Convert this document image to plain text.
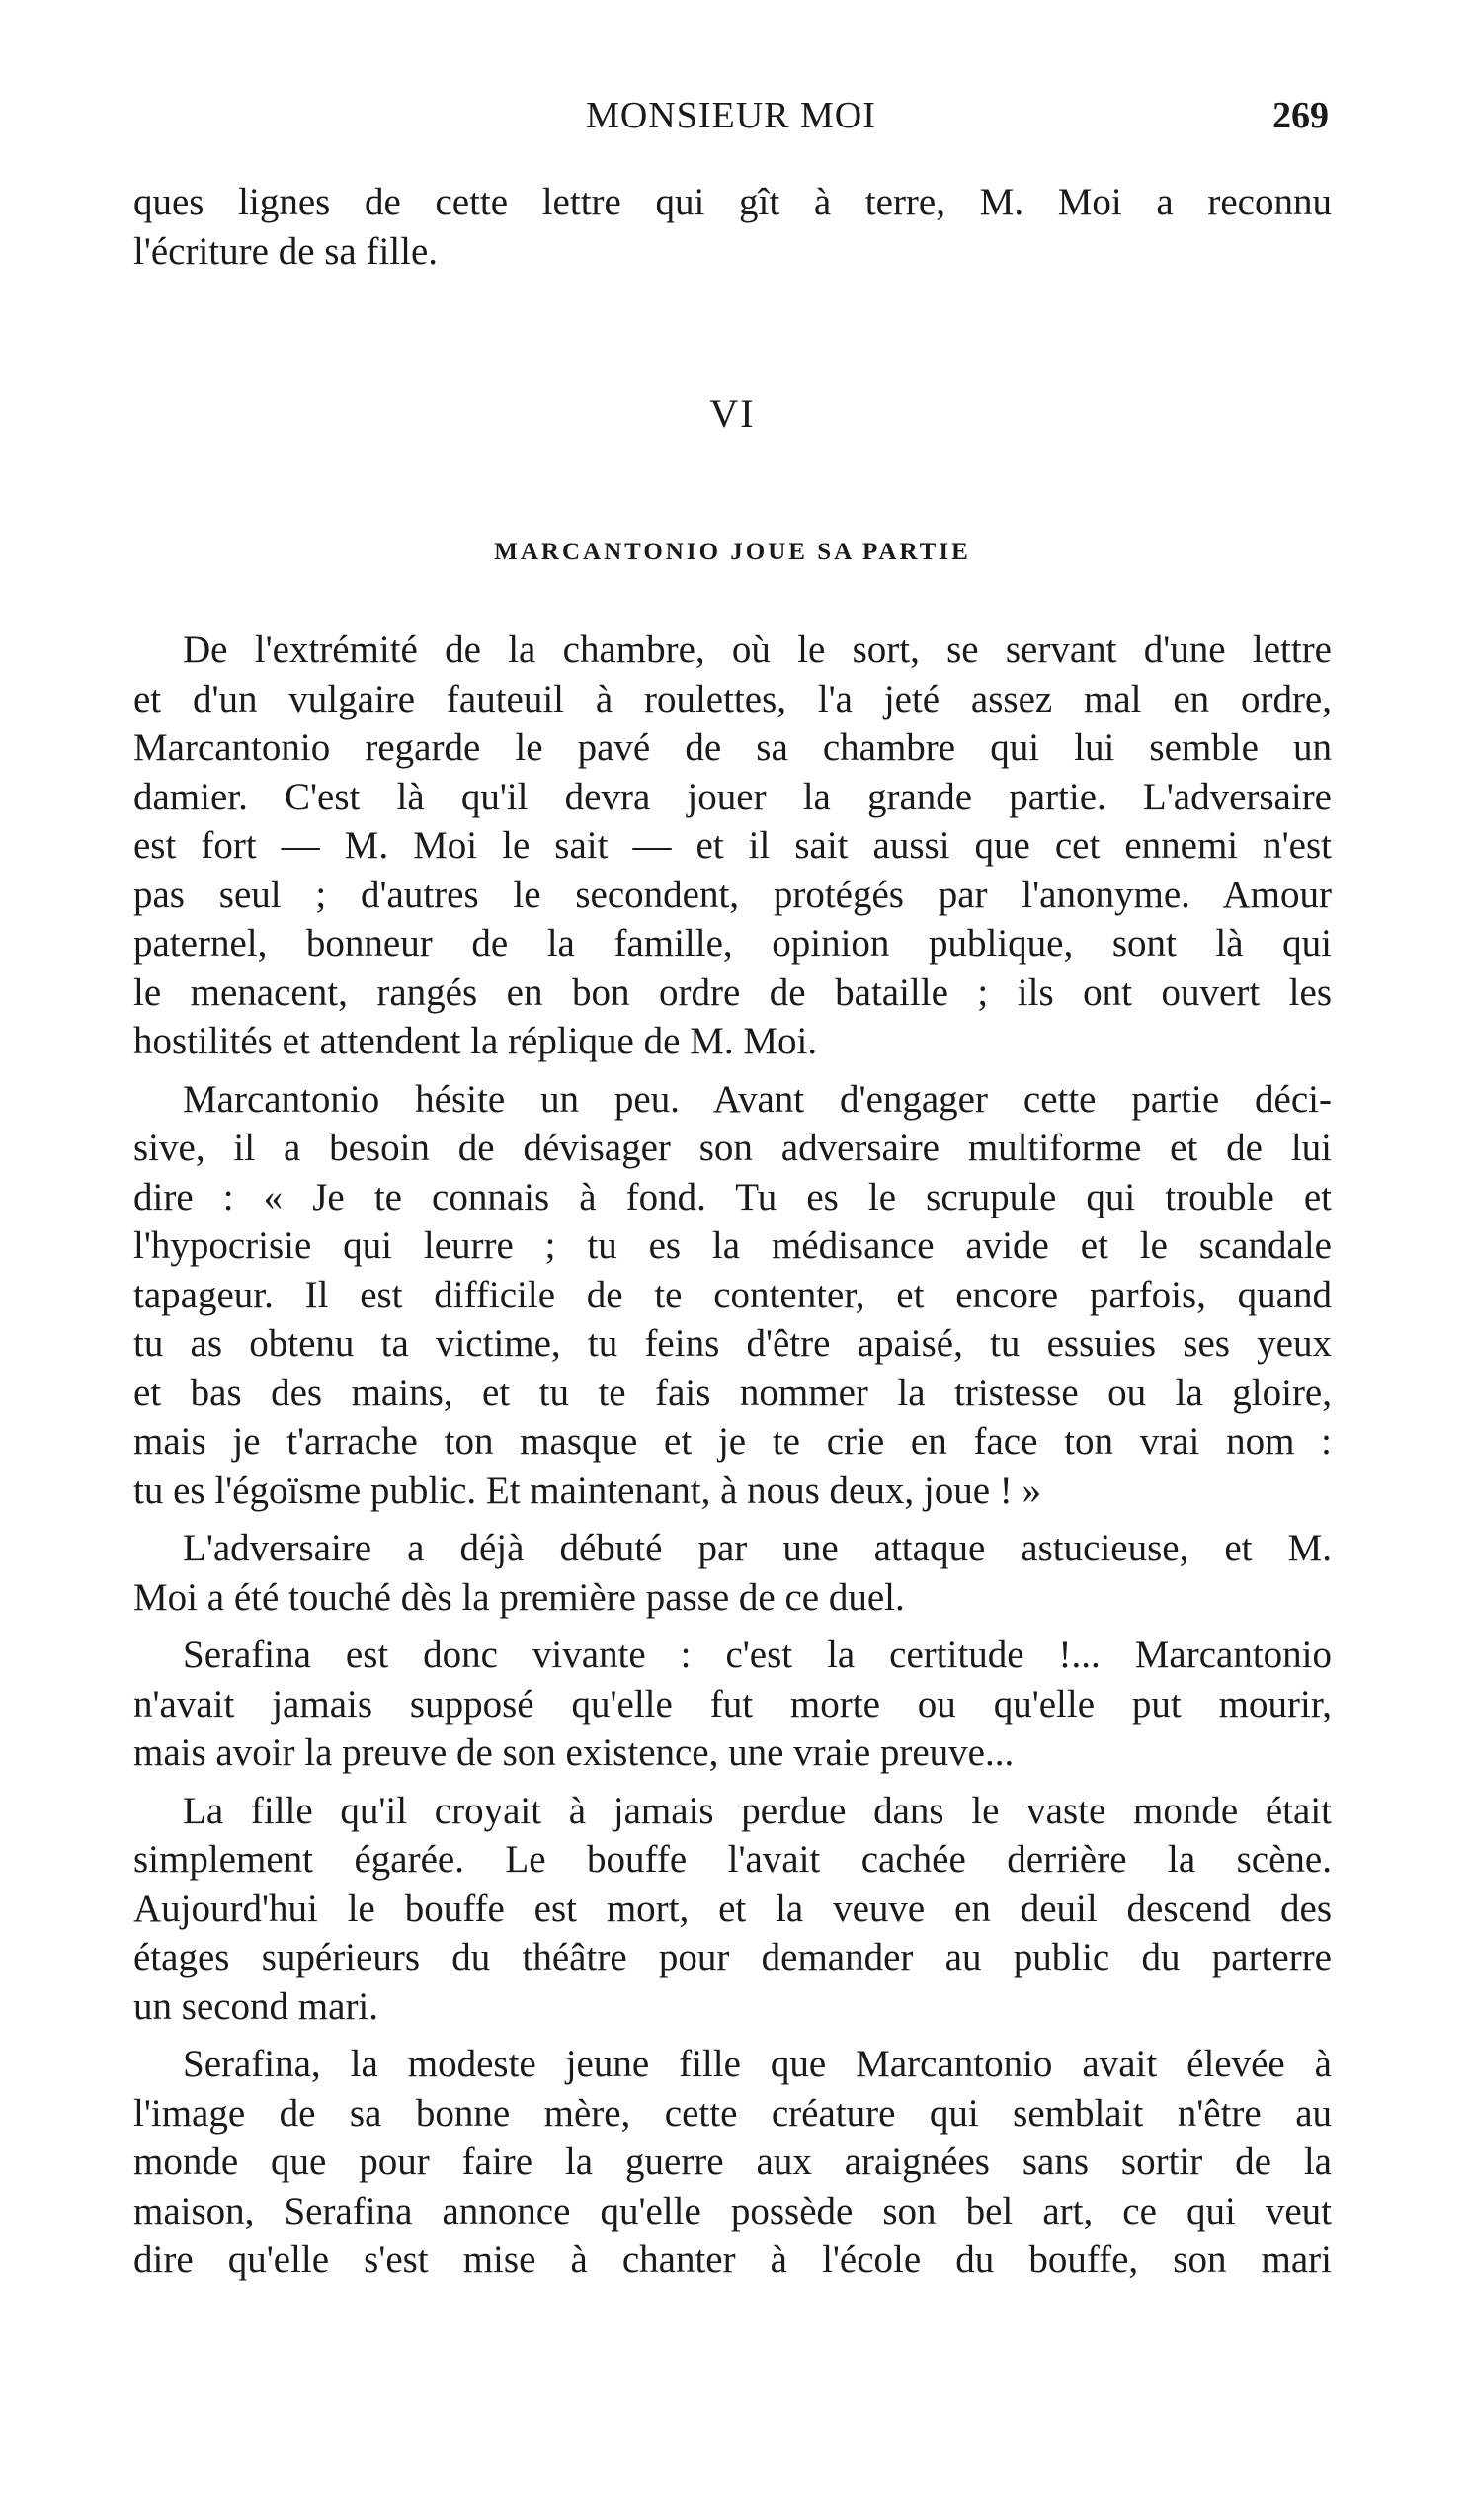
MONSIEUR MOI	269

ques lignes de cette lettre qui gît à terre, M. Moi a reconnu
l'écriture de sa fille.

VI
MARCANTONIO JOUE SA PARTIE

De l'extrémité de la chambre, où le sort, se servant d'une lettre
et d'un vulgaire fauteuil à roulettes, l'a jeté assez mal en ordre,
Marcantonio regarde le pavé de sa chambre qui lui semble un
damier. C'est là qu'il devra jouer la grande partie. L'adversaire
est fort — M. Moi le sait — et il sait aussi que cet ennemi n'est
pas seul ; d'autres le secondent, protégés par l'anonyme. Amour
paternel, bonneur de la famille, opinion publique, sont là qui
le menacent, rangés en bon ordre de bataille ; ils ont ouvert les
hostilités et attendent la réplique de M. Moi.

Marcantonio hésite un peu. Avant d'engager cette partie déci-
sive, il a besoin de dévisager son adversaire multiforme et de lui
dire : « Je te connais à fond. Tu es le scrupule qui trouble et
l'hypocrisie qui leurre ; tu es la médisance avide et le scandale
tapageur. Il est difficile de te contenter, et encore parfois, quand
tu as obtenu ta victime, tu feins d'être apaisé, tu essuies ses yeux
et bas des mains, et tu te fais nommer la tristesse ou la gloire,
mais je t'arrache ton masque et je te crie en face ton vrai nom :
tu es l'égoïsme public. Et maintenant, à nous deux, joue ! »

L'adversaire a déjà débuté par une attaque astucieuse, et M.
Moi a été touché dès la première passe de ce duel.

Serafina est donc vivante : c'est la certitude !... Marcantonio
n'avait jamais supposé qu'elle fut morte ou qu'elle put mourir,
mais avoir la preuve de son existence, une vraie preuve...

La fille qu'il croyait à jamais perdue dans le vaste monde était
simplement égarée. Le bouffe l'avait cachée derrière la scène.
Aujourd'hui le bouffe est mort, et la veuve en deuil descend des
étages supérieurs du théâtre pour demander au public du parterre
un second mari.

Serafina, la modeste jeune fille que Marcantonio avait élevée à
l'image de sa bonne mère, cette créature qui semblait n'être au
monde que pour faire la guerre aux araignées sans sortir de la
maison, Serafina annonce qu'elle possède son bel art, ce qui veut
dire qu'elle s'est mise à chanter à l'école du bouffe, son mari
